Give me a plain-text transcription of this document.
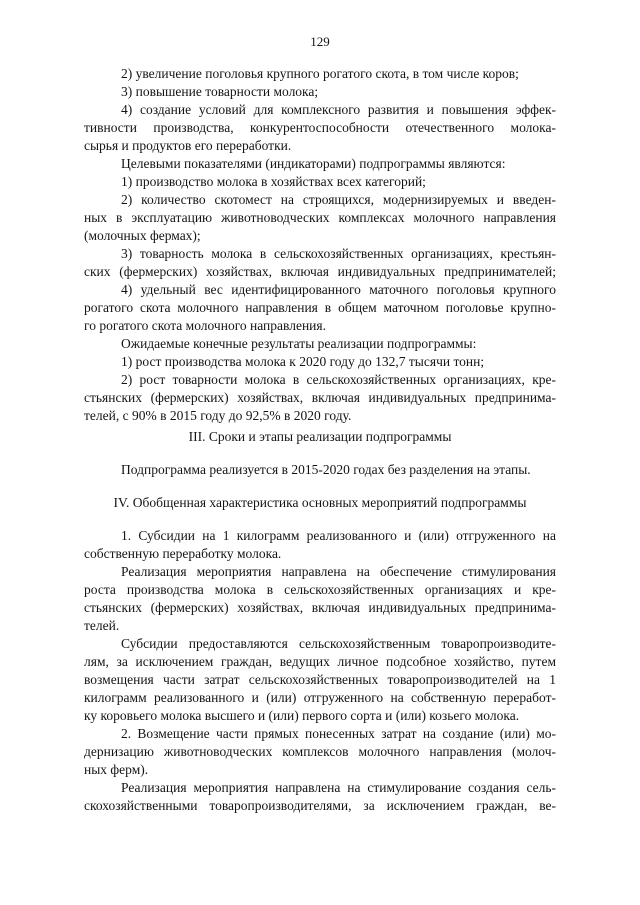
129
2) увеличение поголовья крупного рогатого скота, в том числе коров;
3) повышение товарности молока;
4) создание условий для комплексного развития и повышения эффек-
тивности производства, конкурентоспособности отечественного молока-
сырья и продуктов его переработки.
Целевыми показателями (индикаторами) подпрограммы являются:
1) производство молока в хозяйствах всех категорий;
2) количество скотомест на строящихся, модернизируемых и введен-
ных в эксплуатацию животноводческих комплексах молочного направления
(молочных фермах);
3) товарность молока в сельскохозяйственных организациях, крестьян-
ских (фермерских) хозяйствах, включая индивидуальных предпринимателей;
4) удельный вес идентифицированного маточного поголовья крупного
рогатого скота молочного направления в общем маточном поголовье крупно-
го рогатого скота молочного направления.
Ожидаемые конечные результаты реализации подпрограммы:
1) рост производства молока к 2020 году до 132,7 тысячи тонн;
2) рост товарности молока в сельскохозяйственных организациях, кре-
стьянских (фермерских) хозяйствах, включая индивидуальных предпринима-
телей, с 90% в 2015 году до 92,5% в 2020 году.
III. Сроки и этапы реализации подпрограммы
Подпрограмма реализуется в 2015-2020 годах без разделения на этапы.
IV. Обобщенная характеристика основных мероприятий подпрограммы
1. Субсидии на 1 килограмм реализованного и (или) отгруженного на
собственную переработку молока.
Реализация мероприятия направлена на обеспечение стимулирования
роста производства молока в сельскохозяйственных организациях и кре-
стьянских (фермерских) хозяйствах, включая индивидуальных предпринима-
телей.
Субсидии предоставляются сельскохозяйственным товаропроизводите-
лям, за исключением граждан, ведущих личное подсобное хозяйство, путем
возмещения части затрат сельскохозяйственных товаропроизводителей на 1
килограмм реализованного и (или) отгруженного на собственную переработ-
ку коровьего молока высшего и (или) первого сорта и (или) козьего молока.
2. Возмещение части прямых понесенных затрат на создание (или) мо-
дернизацию животноводческих комплексов молочного направления (молоч-
ных ферм).
Реализация мероприятия направлена на стимулирование создания сель-
скохозяйственными товаропроизводителями, за исключением граждан, ве-
